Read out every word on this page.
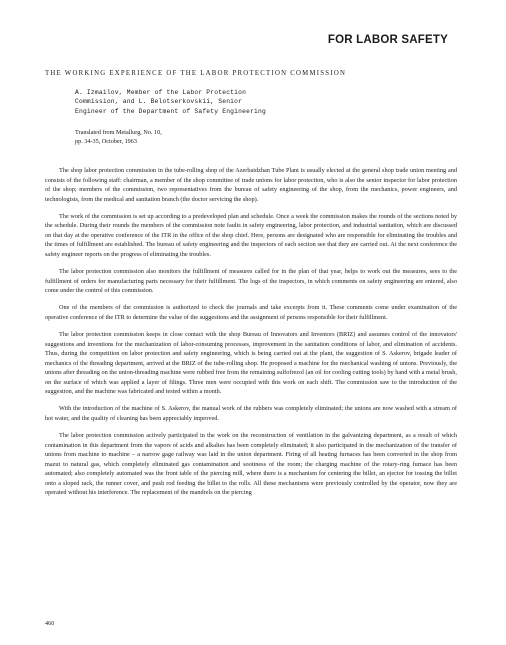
FOR LABOR SAFETY
THE WORKING EXPERIENCE OF THE LABOR PROTECTION COMMISSION
A. Izmailov, Member of the Labor Protection
Commission, and L. Belotserkovskii, Senior
Engineer of the Department of Safety Engineering
Translated from Metallurg, No. 10,
pp. 34-35, October, 1963

The shop labor protection commission in the tube-rolling shop of the Azerbaidzhan Tube Plant is usually elected at the general shop trade union meeting and consists of the following staff: chairman, a member of the shop committee of trade unions for labor protection, who is also the senior inspector for labor protection of the shop; members of the commission, two representatives from the bureau of safety engineering of the shop, from the mechanics, power engineers, and technologists, from the medical and sanitation branch (the doctor servicing the shop).

The work of the commission is set up according to a predeveloped plan and schedule. Once a week the commission makes the rounds of the sections noted by the schedule. During their rounds the members of the commission note faults in safety engineering, labor protection, and industrial sanitation, which are discussed on that day at the operative conference of the ITR in the office of the shop chief. Here, persons are designated who are responsible for eliminating the troubles and the times of fulfillment are established. The bureau of safety engineering and the inspectors of each section see that they are carried out. At the next conference the safety engineer reports on the progress of eliminating the troubles.

The labor protection commission also monitors the fulfillment of measures called for in the plan of that year, helps to work out the measures, sees to the fulfillment of orders for manufacturing parts necessary for their fulfillment. The logs of the inspectors, in which comments on safety engineering are entered, also come under the control of this commission.

One of the members of the commission is authorized to check the journals and take excerpts from it. These comments come under examination of the operative conference of the ITR to determine the value of the suggestions and the assignment of persons responsible for their fulfillment.

The labor protection commission keeps in close contact with the shop Bureau of Innovators and Inventors (BRIZ) and assumes control of the innovators' suggestions and inventions for the mechanization of labor-consuming processes, improvement in the sanitation conditions of labor, and elimination of accidents. Thus, during the competition on labor protection and safety engineering, which is being carried out at the plant, the suggestion of S. Askerov, brigade leader of mechanics of the threading department, arrived at the BRIZ of the tube-rolling shop. He proposed a machine for the mechanical washing of unions. Previously, the unions after threading on the union-threading machine were rubbed free from the remaining sulfofrezol (an oil for cooling cutting tools) by hand with a metal brush, on the surface of which was applied a layer of filings. Three men were occupied with this work on each shift. The commission saw to the introduction of the suggestion, and the machine was fabricated and tested within a month.

With the introduction of the machine of S. Askerov, the manual work of the rubbers was completely eliminated; the unions are now washed with a stream of hot water, and the quality of cleaning has been appreciably improved.

The labor protection commission actively participated in the work on the reconstruction of ventilation in the galvanizing department, as a result of which contamination in this department from the vapors of acids and alkalies has been completely eliminated; it also participated in the mechanization of the transfer of unions from machine to machine – a narrow gage railway was laid in the union department. Firing of all heating furnaces has been converted in the shop from mazut to natural gas, which completely eliminated gas contamination and sootiness of the room; the charging machine of the rotary-ring furnace has been automated; also completely automated was the front table of the piercing mill, where there is a mechanism for centering the billet, an ejector for tossing the billet onto a sloped rack, the runner cover, and push rod feeding the billet to the rolls. All these mechanisms were previously controlled by the operator, now they are operated without his interference. The replacement of the mandrels on the piercing

460
